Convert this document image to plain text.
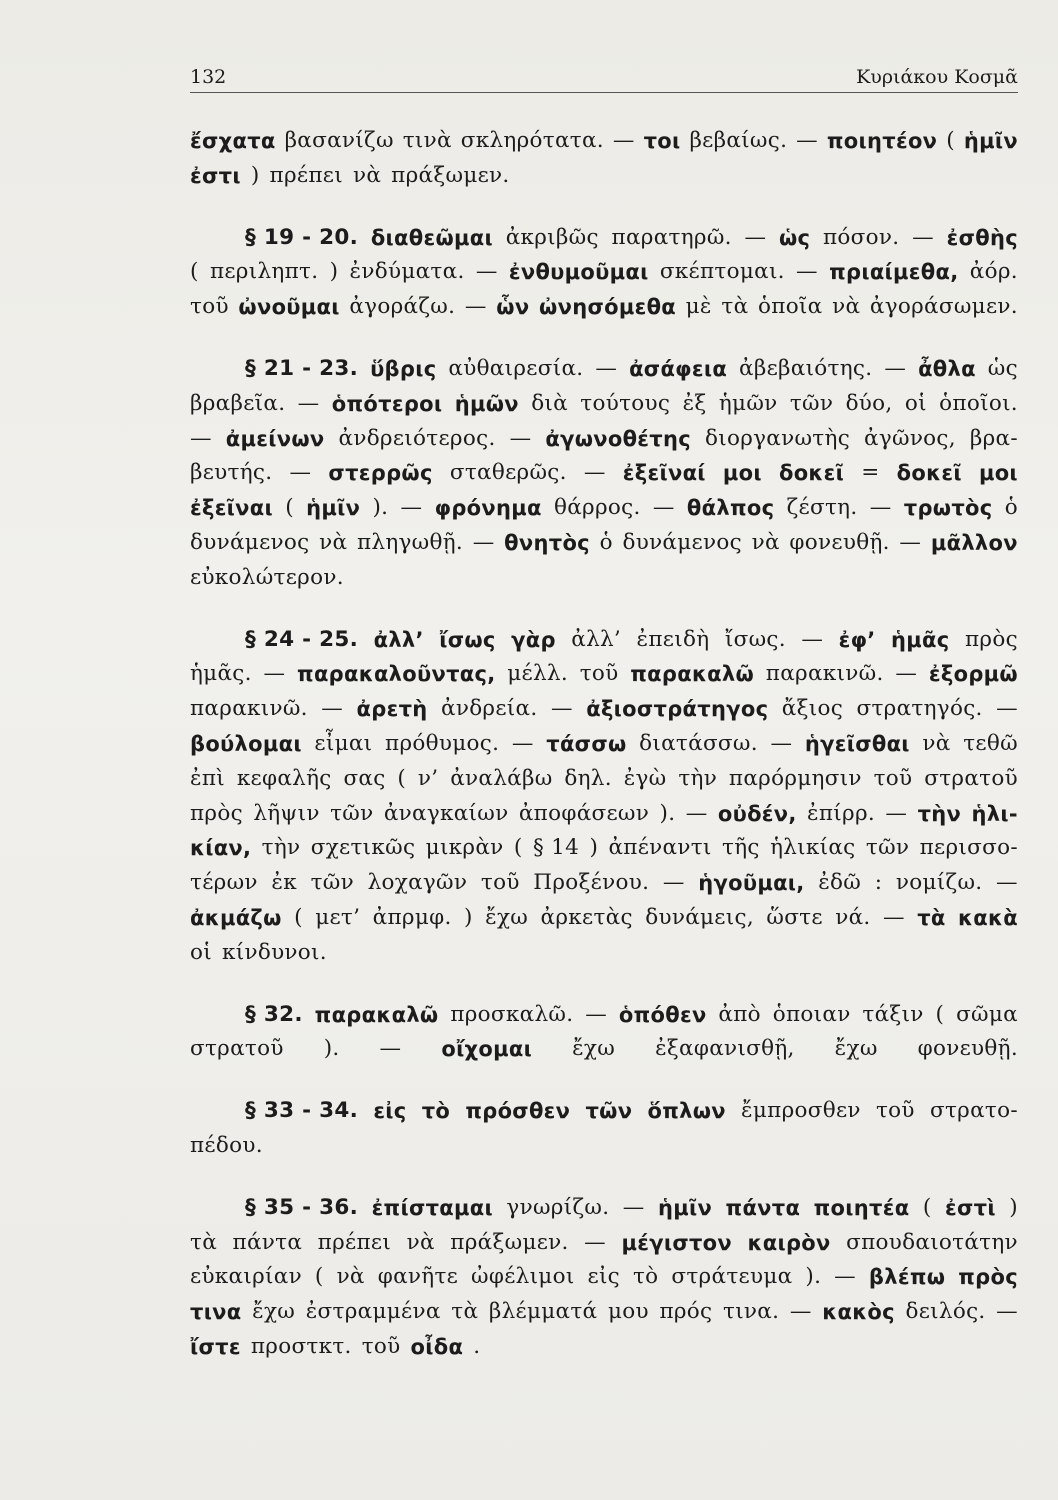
132	Κυριάκου Κοσμᾶ
ἔσχατα βασανίζω τινὰ σκληρότατα. — τοι βεβαίως. — ποιητέον ( ἡμῖν
ἐστι ) πρέπει νὰ πράξωμεν.
§ 19 - 20. διαθεῶμαι ἀκριβῶς παρατηρῶ. — ὡς πόσον. — ἐσθὴς
( περιληπτ. ) ἐνδύματα. — ἐνθυμοῦμαι σκέπτομαι. — πριαίμεθα, ἀόρ.
τοῦ ὠνοῦμαι ἀγοράζω. — ὧν ὠνησόμεθα μὲ τὰ ὁποῖα νὰ ἀγοράσωμεν.
§ 21 - 23. ὕβρις αὐθαιρεσία. — ἀσάφεια ἀβεβαιότης. — ἆθλα ὡς
βραβεῖα. — ὁπότεροι ἡμῶν διὰ τούτους ἐξ ἡμῶν τῶν δύο, οἱ ὁποῖοι.
— ἀμείνων ἀνδρειότερος. — ἀγωνοθέτης διοργανωτὴς ἀγῶνος, βρα-
βευτής. — στερρῶς σταθερῶς. — ἐξεῖναί μοι δοκεῖ = δοκεῖ μοι
ἐξεῖναι ( ἡμῖν ). — φρόνημα θάρρος. — θάλπος ζέστη. — τρωτὸς ὁ
δυνάμενος νὰ πληγωθῇ. — θνητὸς ὁ δυνάμενος νὰ φονευθῇ. — μᾶλλον
εὐκολώτερον.
§ 24 - 25. ἀλλ’ ἴσως γὰρ ἀλλ’ ἐπειδὴ ἴσως. — ἐφ’ ἡμᾶς πρὸς
ἡμᾶς. — παρακαλοῦντας, μέλλ. τοῦ παρακαλῶ παρακινῶ. — ἐξορμῶ
παρακινῶ. — ἀρετὴ ἀνδρεία. — ἀξιοστράτηγος ἄξιος στρατηγός. —
βούλομαι εἶμαι πρόθυμος. — τάσσω διατάσσω. — ἡγεῖσθαι νὰ τεθῶ
ἐπὶ κεφαλῆς σας ( ν’ ἀναλάβω δηλ. ἐγὼ τὴν παρόρμησιν τοῦ στρατοῦ
πρὸς λῆψιν τῶν ἀναγκαίων ἀποφάσεων ). — οὐδέν, ἐπίρρ. — τὴν ἡλι-
κίαν, τὴν σχετικῶς μικρὰν ( § 14 ) ἀπέναντι τῆς ἡλικίας τῶν περισσο-
τέρων ἐκ τῶν λοχαγῶν τοῦ Προξένου. — ἡγοῦμαι, ἐδῶ : νομίζω. —
ἀκμάζω ( μετ’ ἀπρμφ. ) ἔχω ἀρκετὰς δυνάμεις, ὥστε νά. — τὰ κακὰ
οἱ κίνδυνοι.
§ 32. παρακαλῶ προσκαλῶ. — ὁπόθεν ἀπὸ ὁποιαν τάξιν ( σῶμα
στρατοῦ ). — οἴχομαι ἔχω ἐξαφανισθῇ, ἔχω φονευθῇ.
§ 33 - 34. εἰς τὸ πρόσθεν τῶν ὅπλων ἔμπροσθεν τοῦ στρατο-
πέδου.
§ 35 - 36. ἐπίσταμαι γνωρίζω. — ἡμῖν πάντα ποιητέα ( ἐστὶ )
τὰ πάντα πρέπει νὰ πράξωμεν. — μέγιστον καιρὸν σπουδαιοτάτην
εὐκαιρίαν ( νὰ φανῆτε ὠφέλιμοι εἰς τὸ στράτευμα ). — βλέπω πρὸς
τινα ἔχω ἐστραμμένα τὰ βλέμματά μου πρός τινα. — κακὸς δειλός. —
ἴστε προστκτ. τοῦ οἶδα .
